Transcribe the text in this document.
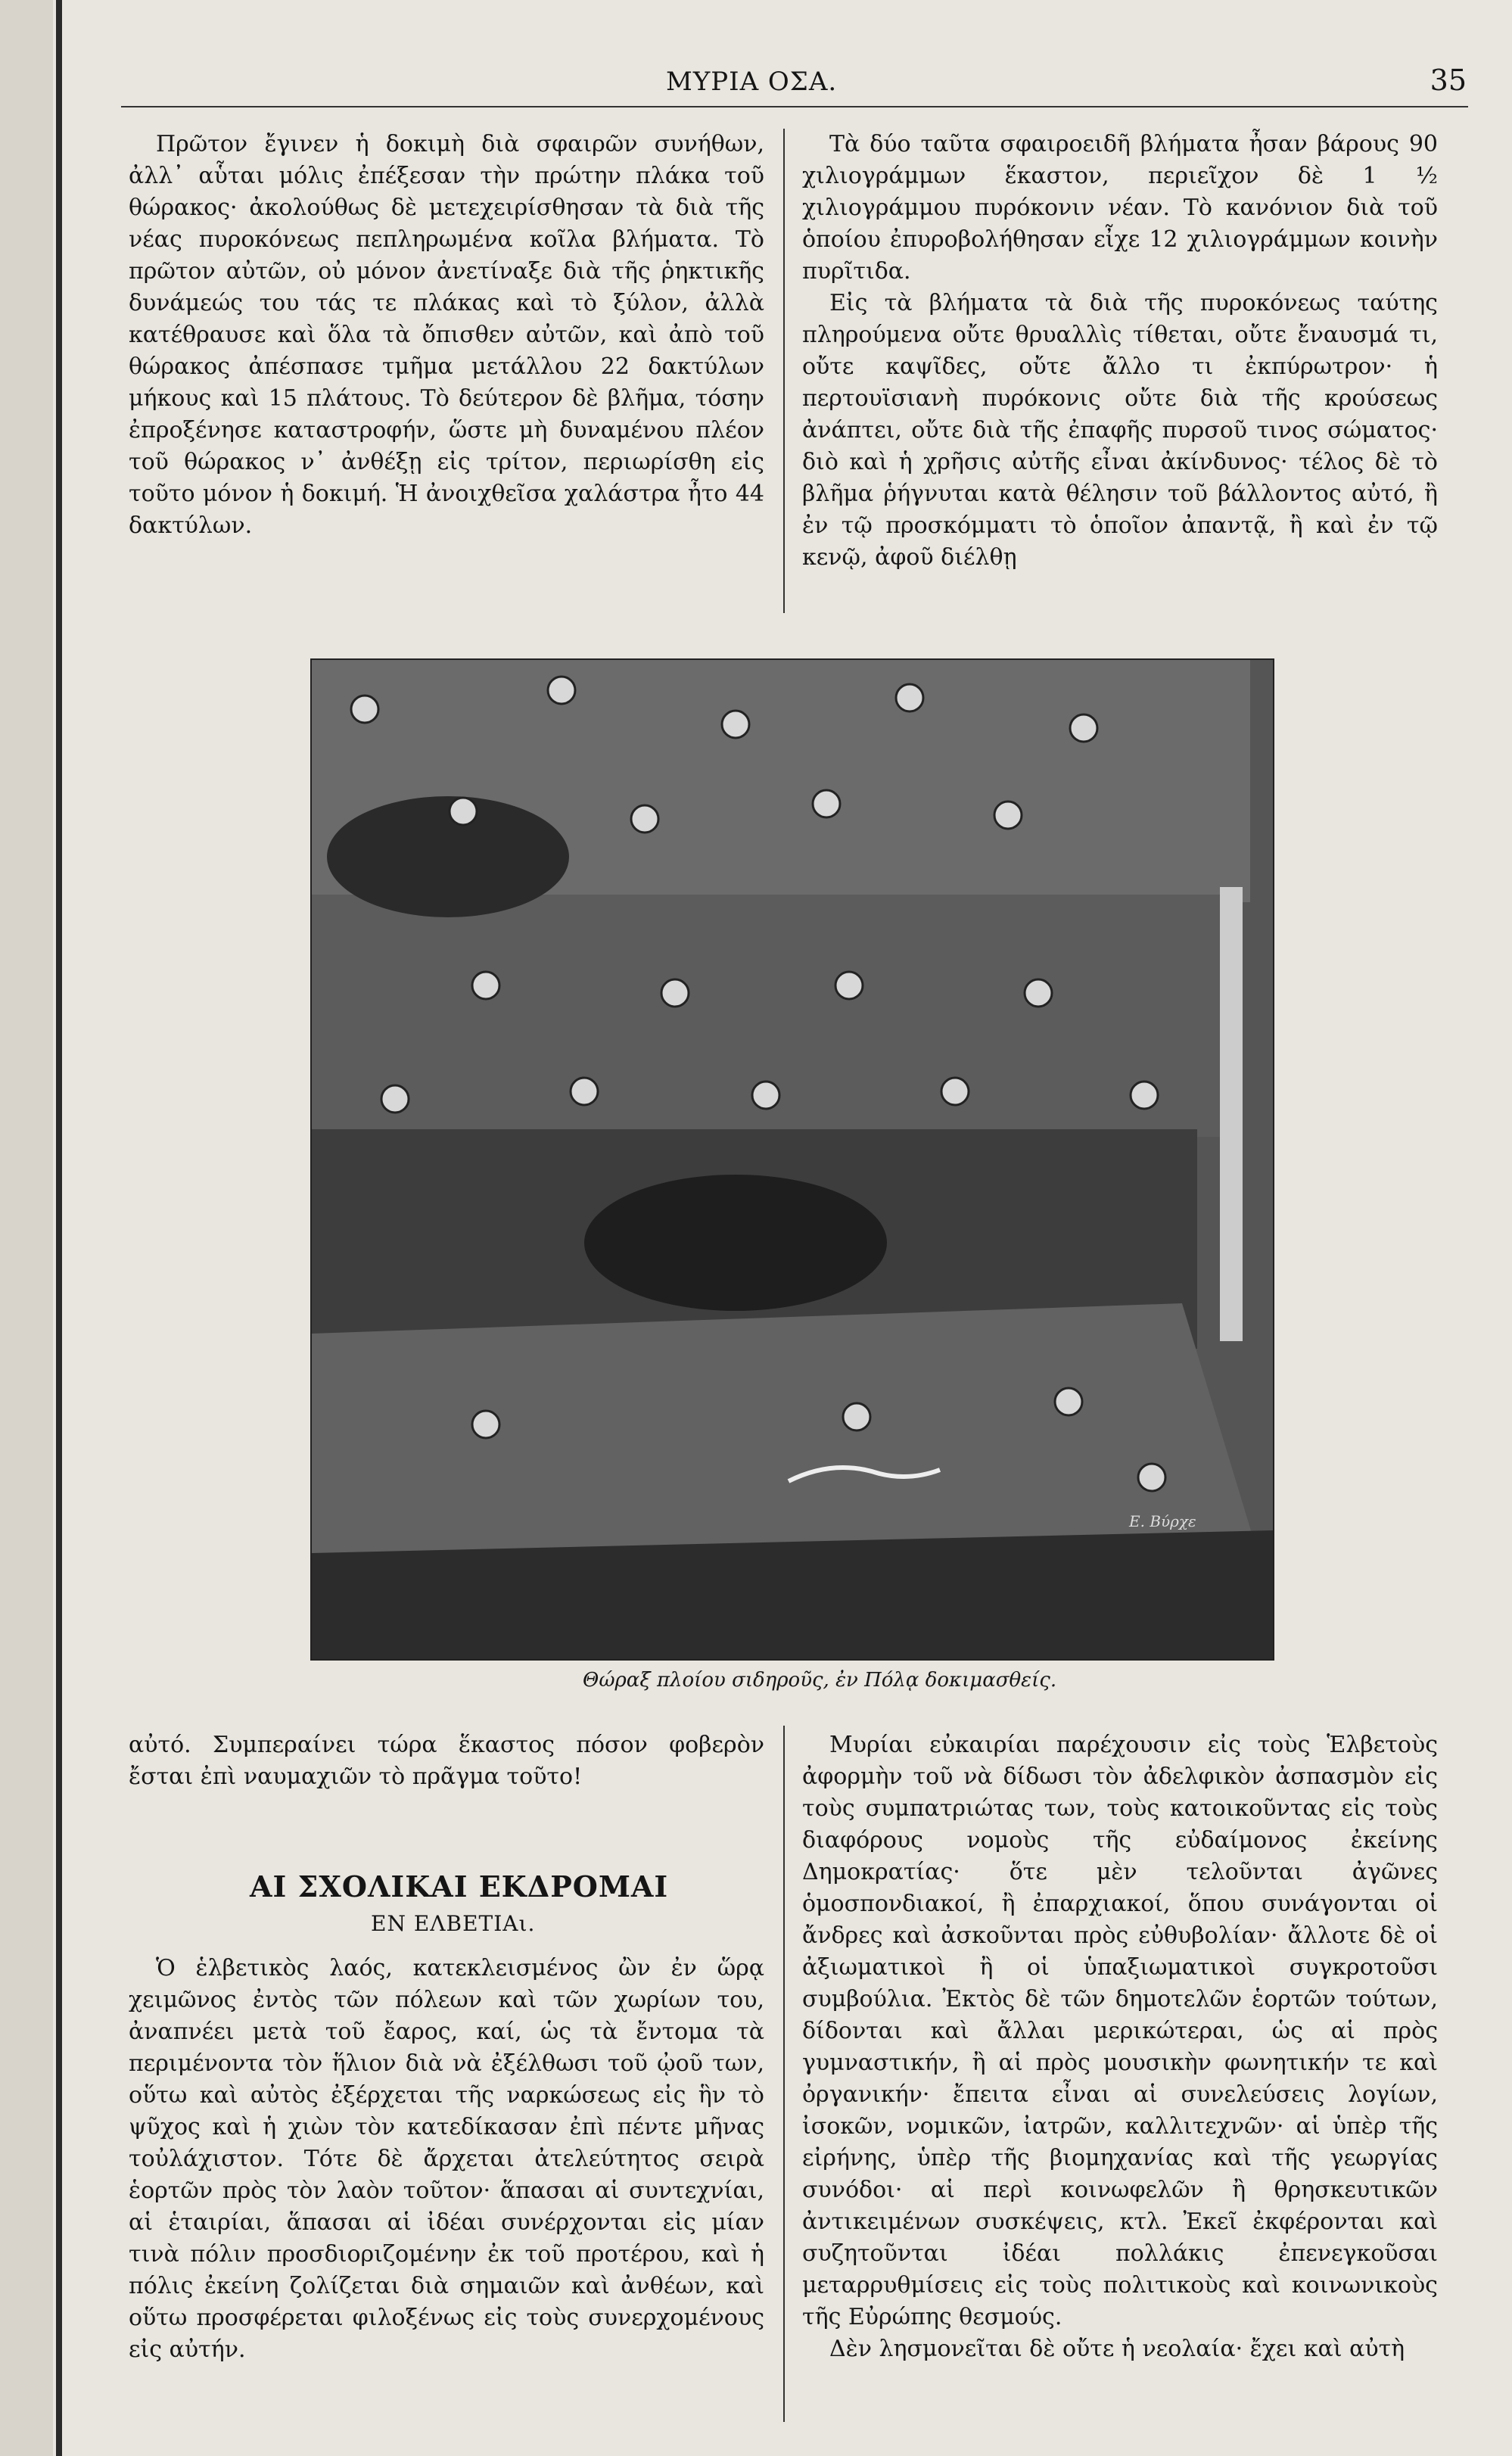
ΜΥΡΙΑ ΟΣΑ.	35

Πρῶτον ἔγινεν ἡ δοκιμὴ διὰ σφαιρῶν συνήθων, ἀλλ᾽ αὗται μόλις ἐπέξεσαν τὴν πρώτην πλάκα τοῦ θώρακος· ἀκολούθως δὲ μετεχειρίσθησαν τὰ διὰ τῆς νέας πυροκόνεως πεπληρωμένα κοῖλα βλήματα. Τὸ πρῶτον αὐτῶν, οὐ μόνον ἀνετίναξε διὰ τῆς ῥηκτικῆς δυνάμεώς του τάς τε πλάκας καὶ τὸ ξύλον, ἀλλὰ κατέθραυσε καὶ ὅλα τὰ ὄπισθεν αὐτῶν, καὶ ἀπὸ τοῦ θώρακος ἀπέσπασε τμῆμα μετάλλου 22 δακτύλων μήκους καὶ 15 πλάτους. Τὸ δεύτερον δὲ βλῆμα, τόσην ἐπροξένησε καταστροφήν, ὥστε μὴ δυναμένου πλέον τοῦ θώρακος ν᾽ ἀνθέξῃ εἰς τρίτον, περιωρίσθη εἰς τοῦτο μόνον ἡ δοκιμή. Ἡ ἀνοιχθεῖσα χαλάστρα ἦτο 44 δακτύλων.

Τὰ δύο ταῦτα σφαιροειδῆ βλήματα ἦσαν βάρους 90 χιλιογράμμων ἕκαστον, περιεῖχον δὲ 1 ½ χιλιογράμμου πυρόκονιν νέαν. Τὸ κανόνιον διὰ τοῦ ὁποίου ἐπυροβολήθησαν εἶχε 12 χιλιογράμμων κοινὴν πυρῖτιδα.

Εἰς τὰ βλήματα τὰ διὰ τῆς πυροκόνεως ταύτης πληρούμενα οὔτε θρυαλλὶς τίθεται, οὔτε ἔναυσμά τι, οὔτε καψῖδες, οὔτε ἄλλο τι ἐκπύρωτρον· ἡ περτουϊσιανὴ πυρόκονις οὔτε διὰ τῆς κρούσεως ἀνάπτει, οὔτε διὰ τῆς ἐπαφῆς πυρσοῦ τινος σώματος· διὸ καὶ ἡ χρῆσις αὐτῆς εἶναι ἀκίνδυνος· τέλος δὲ τὸ βλῆμα ῥήγνυται κατὰ θέλησιν τοῦ βάλλοντος αὐτό, ἢ ἐν τῷ προσκόμματι τὸ ὁποῖον ἀπαντᾷ, ἢ καὶ ἐν τῷ κενῷ, ἀφοῦ διέλθῃ

E. Βύρχε
Θώραξ πλοίου σιδηροῦς, ἐν Πόλᾳ δοκιμασθείς.

αὐτό. Συμπεραίνει τώρα ἕκαστος πόσον φοβερὸν ἔσται ἐπὶ ναυμαχιῶν τὸ πρᾶγμα τοῦτο!

ΑΙ ΣΧΟΛΙΚΑΙ ΕΚΔΡΟΜΑΙ
ΕΝ ΕΛΒΕΤΙΑι.

Ὁ ἑλβετικὸς λαός, κατεκλεισμένος ὢν ἐν ὥρᾳ χειμῶνος ἐντὸς τῶν πόλεων καὶ τῶν χωρίων του, ἀναπνέει μετὰ τοῦ ἔαρος, καί, ὡς τὰ ἔντομα τὰ περιμένοντα τὸν ἥλιον διὰ νὰ ἐξέλθωσι τοῦ ᾠοῦ των, οὕτω καὶ αὐτὸς ἐξέρχεται τῆς ναρκώσεως εἰς ἣν τὸ ψῦχος καὶ ἡ χιὼν τὸν κατεδίκασαν ἐπὶ πέντε μῆνας τοὐλάχιστον. Τότε δὲ ἄρχεται ἀτελεύτητος σειρὰ ἑορτῶν πρὸς τὸν λαὸν τοῦτον· ἅπασαι αἱ συντεχνίαι, αἱ ἑταιρίαι, ἅπασαι αἱ ἰδέαι συνέρχονται εἰς μίαν τινὰ πόλιν προσδιοριζομένην ἐκ τοῦ προτέρου, καὶ ἡ πόλις ἐκείνη ζολίζεται διὰ σημαιῶν καὶ ἀνθέων, καὶ οὕτω προσφέρεται φιλοξένως εἰς τοὺς συνερχομένους εἰς αὐτήν.

Μυρίαι εὐκαιρίαι παρέχουσιν εἰς τοὺς Ἑλβετοὺς ἀφορμὴν τοῦ νὰ δίδωσι τὸν ἀδελφικὸν ἀσπασμὸν εἰς τοὺς συμπατριώτας των, τοὺς κατοικοῦντας εἰς τοὺς διαφόρους νομοὺς τῆς εὐδαίμονος ἐκείνης Δημοκρατίας· ὅτε μὲν τελοῦνται ἀγῶνες ὁμοσπονδιακοί, ἢ ἐπαρχιακοί, ὅπου συνάγονται οἱ ἄνδρες καὶ ἀσκοῦνται πρὸς εὐθυβολίαν· ἄλλοτε δὲ οἱ ἀξιωματικοὶ ἢ οἱ ὑπαξιωματικοὶ συγκροτοῦσι συμβούλια. Ἐκτὸς δὲ τῶν δημοτελῶν ἑορτῶν τούτων, δίδονται καὶ ἄλλαι μερικώτεραι, ὡς αἱ πρὸς γυμναστικήν, ἢ αἱ πρὸς μουσικὴν φωνητικήν τε καὶ ὀργανικήν· ἔπειτα εἶναι αἱ συνελεύσεις λογίων, ἰσοκῶν, νομικῶν, ἰατρῶν, καλλιτεχνῶν· αἱ ὑπὲρ τῆς εἰρήνης, ὑπὲρ τῆς βιομηχανίας καὶ τῆς γεωργίας συνόδοι· αἱ περὶ κοινωφελῶν ἢ θρησκευτικῶν ἀντικειμένων συσκέψεις, κτλ. Ἐκεῖ ἐκφέρονται καὶ συζητοῦνται ἰδέαι πολλάκις ἐπενεγκοῦσαι μεταρρυθμίσεις εἰς τοὺς πολιτικοὺς καὶ κοινωνικοὺς τῆς Εὐρώπης θεσμούς.

Δὲν λησμονεῖται δὲ οὔτε ἡ νεολαία· ἔχει καὶ αὐτὴ
